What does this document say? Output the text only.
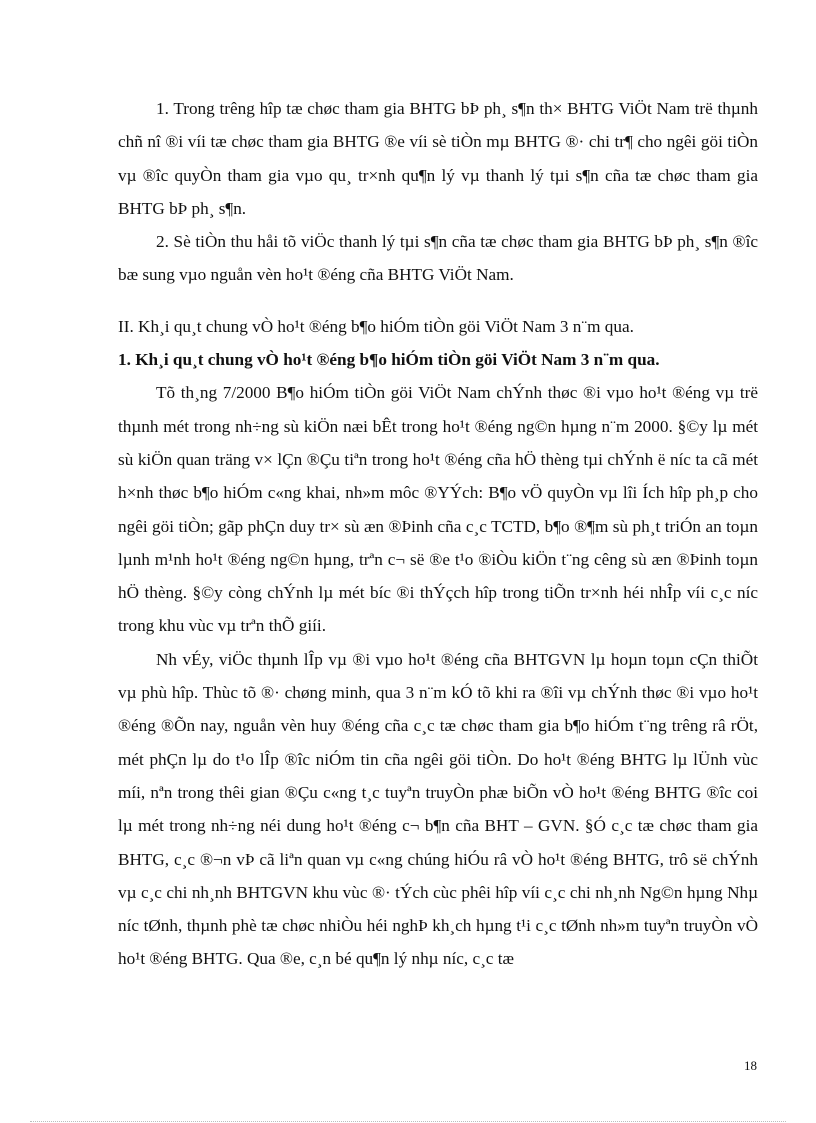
1. Trong trêng hîp tæ chøc tham gia BHTG bÞ ph¸ s¶n th× BHTG ViÖt Nam trë thµnh chñ nî ®i víi tæ chøc tham gia BHTG ®e víi sè tiÒn mµ BHTG ®· chi tr¶ cho ngêi göi tiÒn vµ ®îc quyÒn tham gia vµo qu¸ tr×nh qu¶n lý vµ thanh lý tµi s¶n cña tæ chøc tham gia BHTG bÞ ph¸ s¶n.

2. Sè tiÒn thu håi tõ viÖc thanh lý tµi s¶n cña tæ chøc tham gia BHTG bÞ ph¸ s¶n ®îc bæ sung vµo nguån vèn ho¹t ®éng cña BHTG ViÖt Nam.

II. Kh¸i qu¸t chung vÒ ho¹t ®éng b¶o hiÓm tiÒn göi ViÖt Nam 3 n¨m qua.

1. Kh¸i qu¸t chung vÒ ho¹t ®éng b¶o hiÓm tiÒn göi ViÖt Nam 3 n¨m qua.

Tõ th¸ng 7/2000 B¶o hiÓm tiÒn göi ViÖt Nam chÝnh thøc ®i vµo ho¹t ®éng vµ trë thµnh mét trong nh÷ng sù kiÖn næi bÊt trong ho¹t ®éng ng©n hµng n¨m 2000. §©y lµ mét sù kiÖn quan träng v× lÇn ®Çu tiªn trong ho¹t ®éng cña hÖ thèng tµi chÝnh ë níc ta cã mét h×nh thøc b¶o hiÓm c«ng khai, nh»m môc ®YÝch: B¶o vÖ quyÒn vµ lîi Ích hîp ph¸p cho ngêi göi tiÒn; gãp phÇn duy tr× sù æn ®Þinh cña c¸c TCTD, b¶o ®¶m sù ph¸t triÓn an toµn lµnh m¹nh ho¹t ®éng ng©n hµng, trªn c¬ së ®e t¹o ®iÒu kiÖn t¨ng cêng sù æn ®Þinh toµn hÖ thèng. §©y còng chÝnh lµ mét bíc ®i thÝçch hîp trong tiÕn tr×nh héi nhÎp víi c¸c níc trong khu vùc vµ trªn thÕ giíi.

Nh vÉy, viÖc thµnh lÎp vµ ®i vµo ho¹t ®éng cña BHTGVN lµ hoµn toµn cÇn thiÕt vµ phù hîp. Thùc tõ ®· chøng minh, qua 3 n¨m kÓ tõ khi ra ®îi vµ chÝnh thøc ®i vµo ho¹t ®éng ®Õn nay, nguån vèn huy ®éng cña c¸c tæ chøc tham gia b¶o hiÓm t¨ng trêng râ rÖt, mét phÇn lµ do t¹o lÎp ®îc niÓm tin cña ngêi göi tiÒn. Do ho¹t ®éng BHTG lµ lÜnh vùc míi, nªn trong thêi gian ®Çu c«ng t¸c tuyªn truyÒn phæ biÕn vÒ ho¹t ®éng BHTG ®îc coi lµ mét trong nh÷ng néi dung ho¹t ®éng c¬ b¶n cña BHT – GVN. §Ó c¸c tæ chøc tham gia BHTG, c¸c ®¬n vÞ cã liªn quan vµ c«ng chúng hiÓu râ vÒ ho¹t ®éng BHTG, trô së chÝnh vµ c¸c chi nh¸nh BHTGVN khu vùc ®· tÝch cùc phêi hîp víi c¸c chi nh¸nh Ng©n hµng Nhµ níc tØnh, thµnh phè tæ chøc nhiÒu héi nghÞ kh¸ch hµng t¹i c¸c tØnh nh»m tuyªn truyÒn vÒ ho¹t ®éng BHTG. Qua ®e, c¸n bé qu¶n lý nhµ níc, c¸c tæ

18
